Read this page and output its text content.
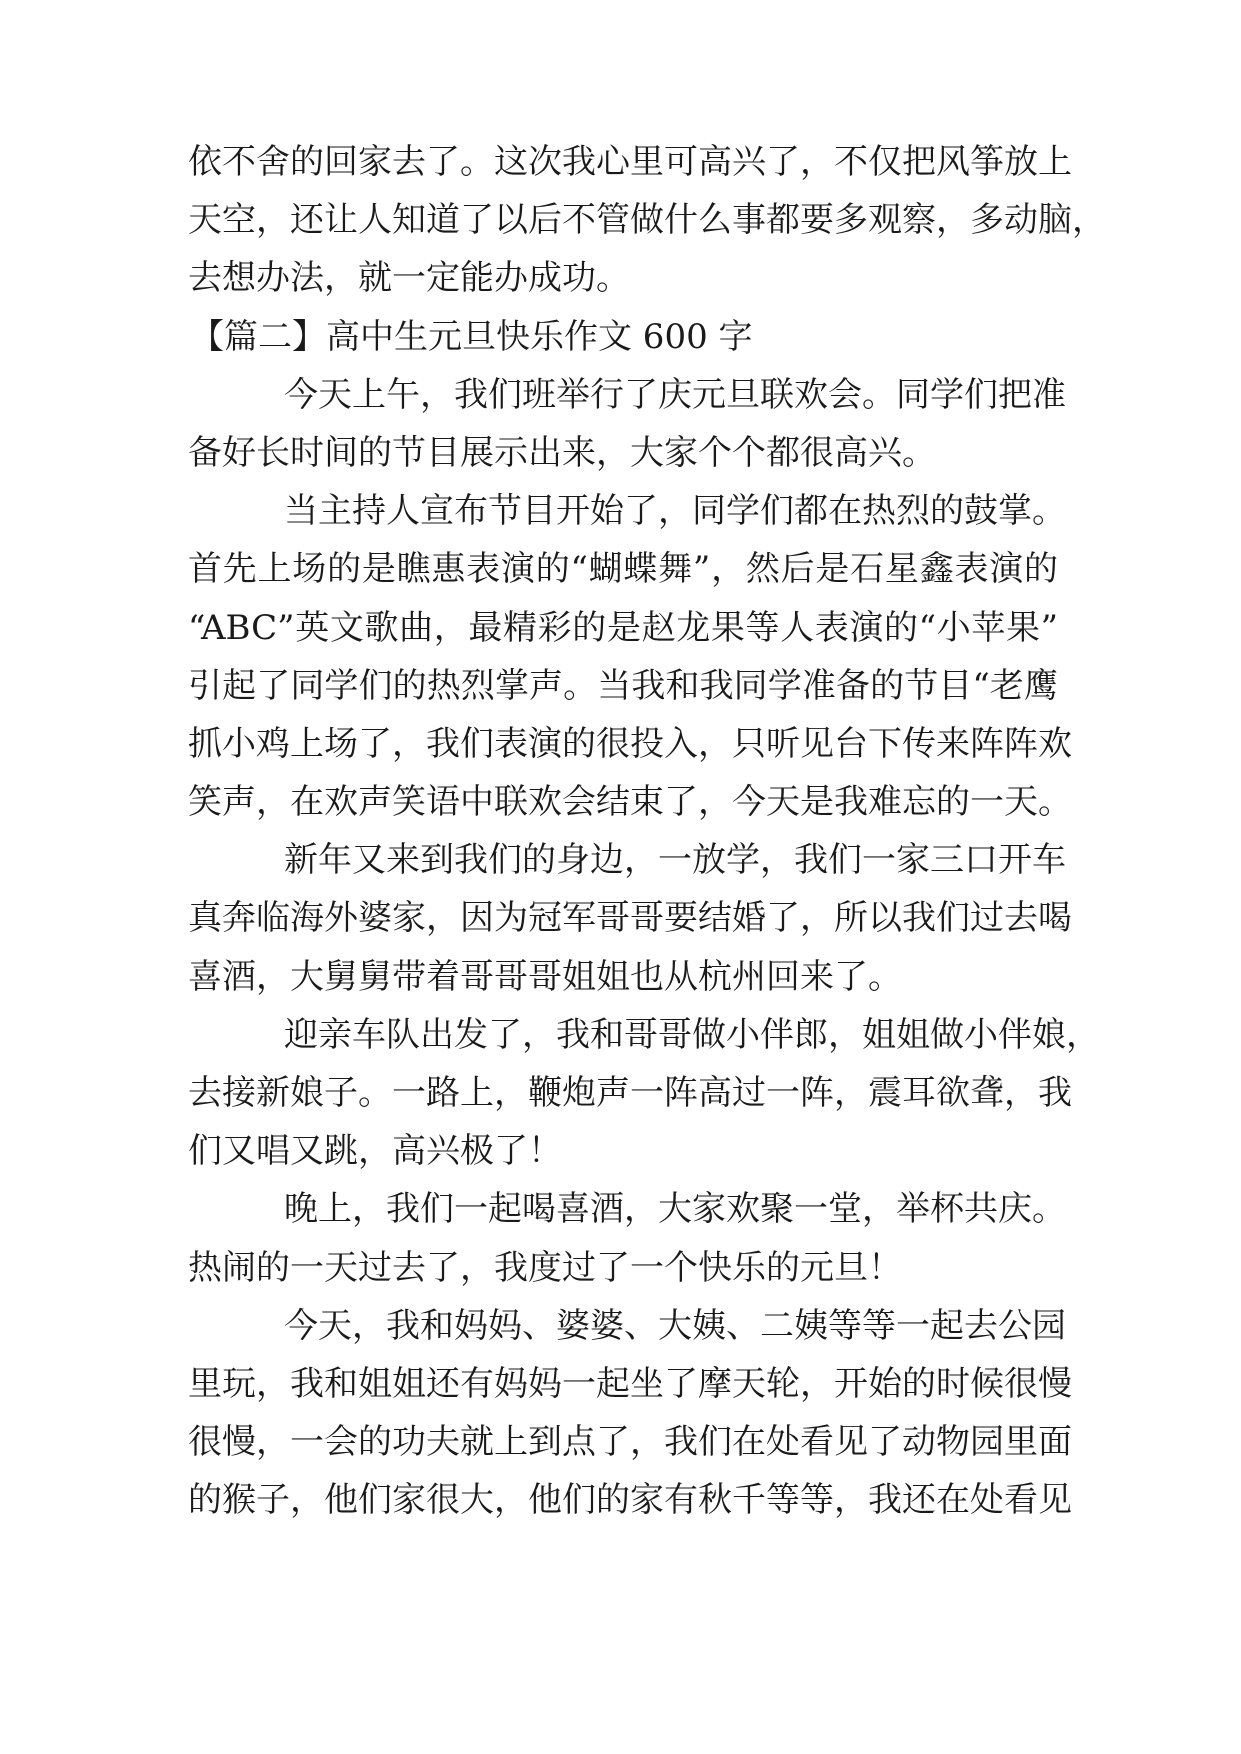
依不舍的回家去了。这次我心里可高兴了，不仅把风筝放上
天空，还让人知道了以后不管做什么事都要多观察，多动脑，
去想办法，就一定能办成功。
【篇二】高中生元旦快乐作文 600 字
今天上午，我们班举行了庆元旦联欢会。同学们把准
备好长时间的节目展示出来，大家个个都很高兴。
当主持人宣布节目开始了，同学们都在热烈的鼓掌。
首先上场的是瞧惠表演的“蝴蝶舞”，然后是石星鑫表演的
“ABC”英文歌曲，最精彩的是赵龙果等人表演的“小苹果”
引起了同学们的热烈掌声。当我和我同学准备的节目“老鹰
抓小鸡上场了，我们表演的很投入，只听见台下传来阵阵欢
笑声，在欢声笑语中联欢会结束了，今天是我难忘的一天。
新年又来到我们的身边，一放学，我们一家三口开车
真奔临海外婆家，因为冠军哥哥要结婚了，所以我们过去喝
喜酒，大舅舅带着哥哥哥姐姐也从杭州回来了。
迎亲车队出发了，我和哥哥做小伴郎，姐姐做小伴娘，
去接新娘子。一路上，鞭炮声一阵高过一阵，震耳欲聋，我
们又唱又跳，高兴极了！
晚上，我们一起喝喜酒，大家欢聚一堂，举杯共庆。
热闹的一天过去了，我度过了一个快乐的元旦！
今天，我和妈妈、婆婆、大姨、二姨等等一起去公园
里玩，我和姐姐还有妈妈一起坐了摩天轮，开始的时候很慢
很慢，一会的功夫就上到点了，我们在处看见了动物园里面
的猴子，他们家很大，他们的家有秋千等等，我还在处看见
